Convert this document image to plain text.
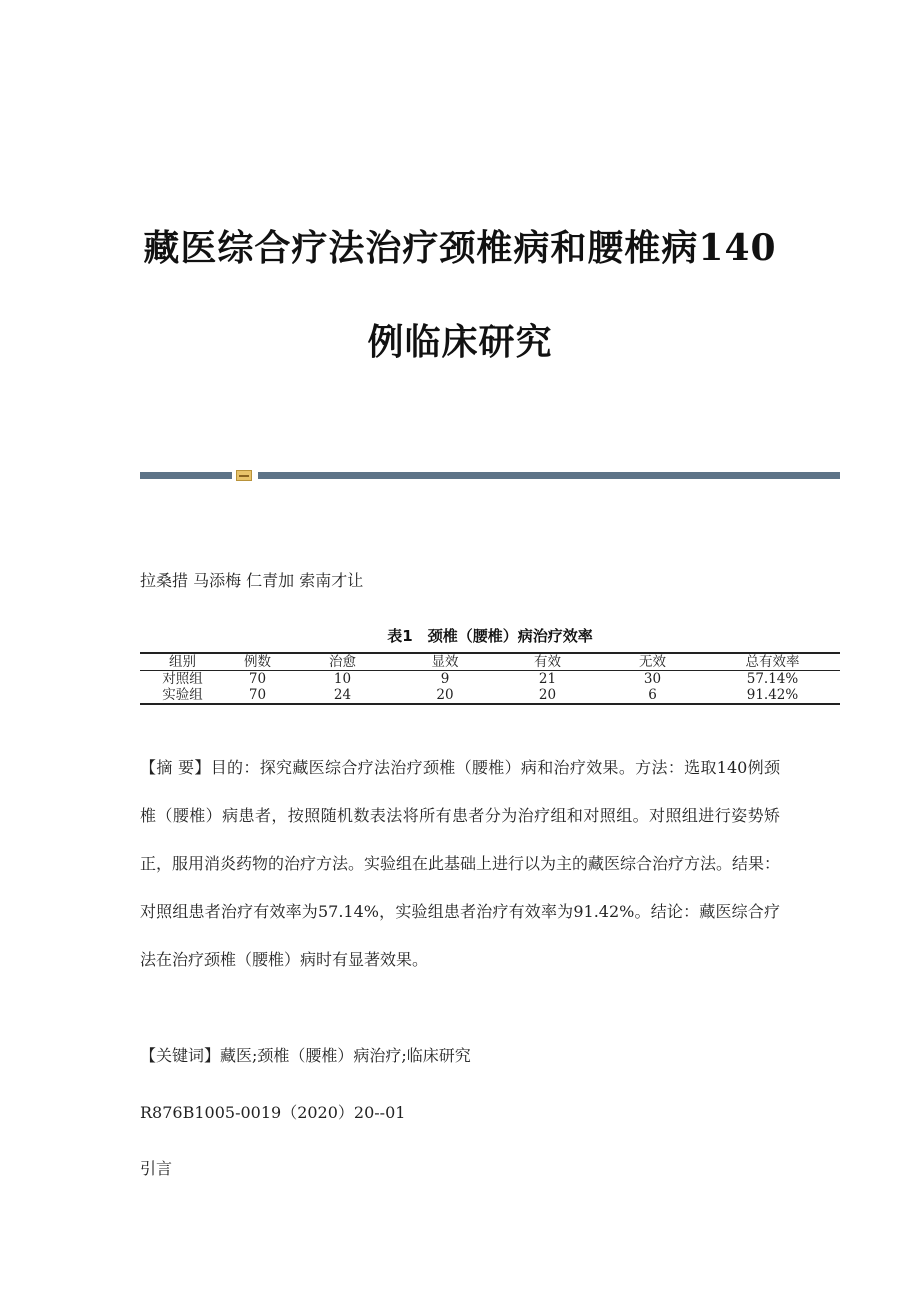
藏医综合疗法治疗颈椎病和腰椎病140
例临床研究
拉桑措 马添梅 仁青加 索南才让
表1　颈椎（腰椎）病治疗效率
组别	例数	治愈	显效	有效	无效	总有效率
对照组	70	10	9	21	30	57.14%
实验组	70	24	20	20	6	91.42%
【摘 要】目的：探究藏医综合疗法治疗颈椎（腰椎）病和治疗效果。方法：选取140例颈椎（腰椎）病患者，按照随机数表法将所有患者分为治疗组和对照组。对照组进行姿势矫正，服用消炎药物的治疗方法。实验组在此基础上进行以为主的藏医综合治疗方法。结果：对照组患者治疗有效率为57.14%，实验组患者治疗有效率为91.42%。结论：藏医综合疗法在治疗颈椎（腰椎）病时有显著效果。
【关键词】藏医;颈椎（腰椎）病治疗;临床研究
R876B1005-0019（2020）20--01
引言
